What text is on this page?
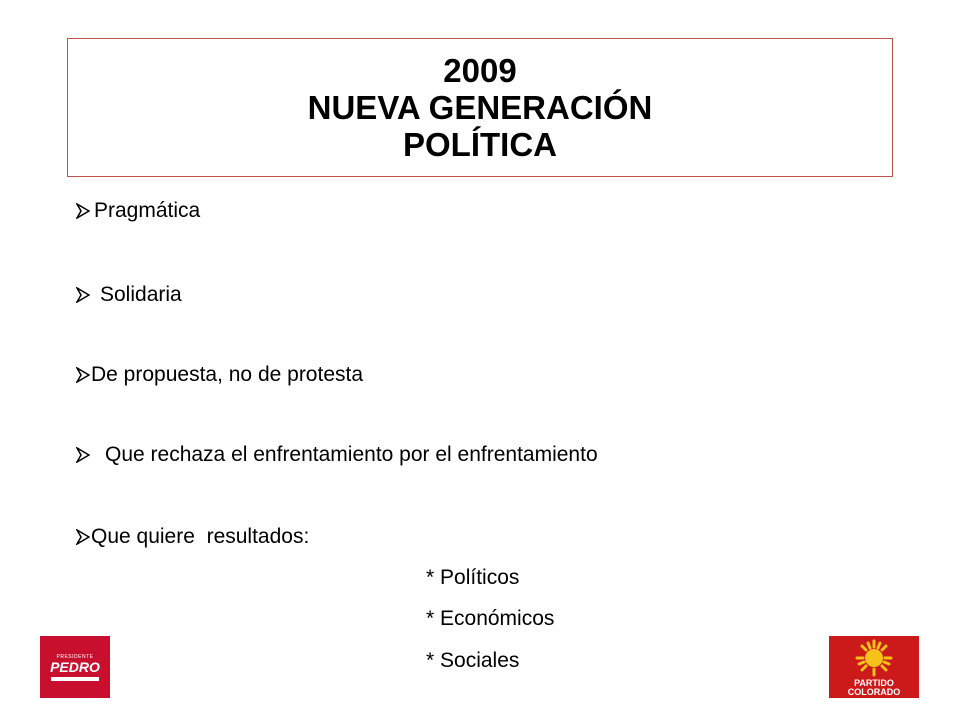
2009
NUEVA GENERACIÓN
POLÍTICA
Pragmática
Solidaria
De propuesta, no de protesta
Que rechaza el enfrentamiento por el enfrentamiento
Que quiere  resultados:
* Políticos
* Económicos
* Sociales
PRESIDENTE
PEDRO
PARTIDO
COLORADO
